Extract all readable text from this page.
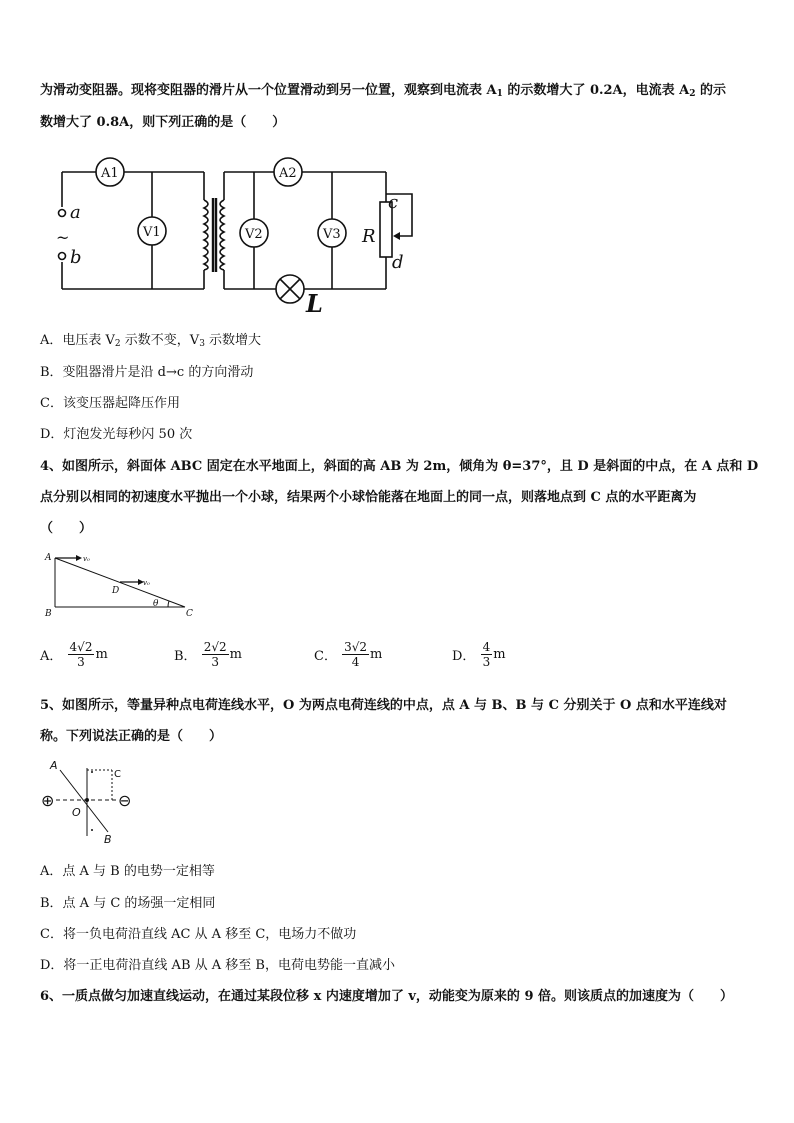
为滑动变阻器。现将变阻器的滑片从一个位置滑动到另一位置，观察到电流表 $A_1$ 的示数增大了 0.2A，电流表 $A_2$ 的示
数增大了 0.8A，则下列正确的是（　　）
A1	A2
V1	V2	V3
a
b
~
c
d
R
L
A．电压表 $V_2$ 示数不变，$V_3$ 示数增大
B．变阻器滑片是沿 d→c 的方向滑动
C．该变压器起降压作用
D．灯泡发光每秒闪 50 次
4、如图所示，斜面体 ABC 固定在水平地面上，斜面的高 AB 为 2m，倾角为 θ=37°，且 D 是斜面的中点，在 A 点和 D
点分别以相同的初速度水平抛出一个小球，结果两个小球恰能落在地面上的同一点，则落地点到 C 点的水平距离为
（　　）
A
B	C
D
θ
v₀
v₀
A． $\frac{4√2}{3}$ m	B． $\frac{2√2}{3}$ m	C． $\frac{3√2}{4}$ m	D． $\frac{4}{3}$ m
5、如图所示，等量异种点电荷连线水平，O 为两点电荷连线的中点，点 A 与 B、B 与 C 分别关于 O 点和水平连线对
称。下列说法正确的是（　　）
⊕	⊖
A
B
C
O
A．点 A 与 B 的电势一定相等
B．点 A 与 C 的场强一定相同
C．将一负电荷沿直线 AC 从 A 移至 C，电场力不做功
D．将一正电荷沿直线 AB 从 A 移至 B，电荷电势能一直减小
6、一质点做匀加速直线运动，在通过某段位移 x 内速度增加了 v，动能变为原来的 9 倍。则该质点的加速度为（　　）
